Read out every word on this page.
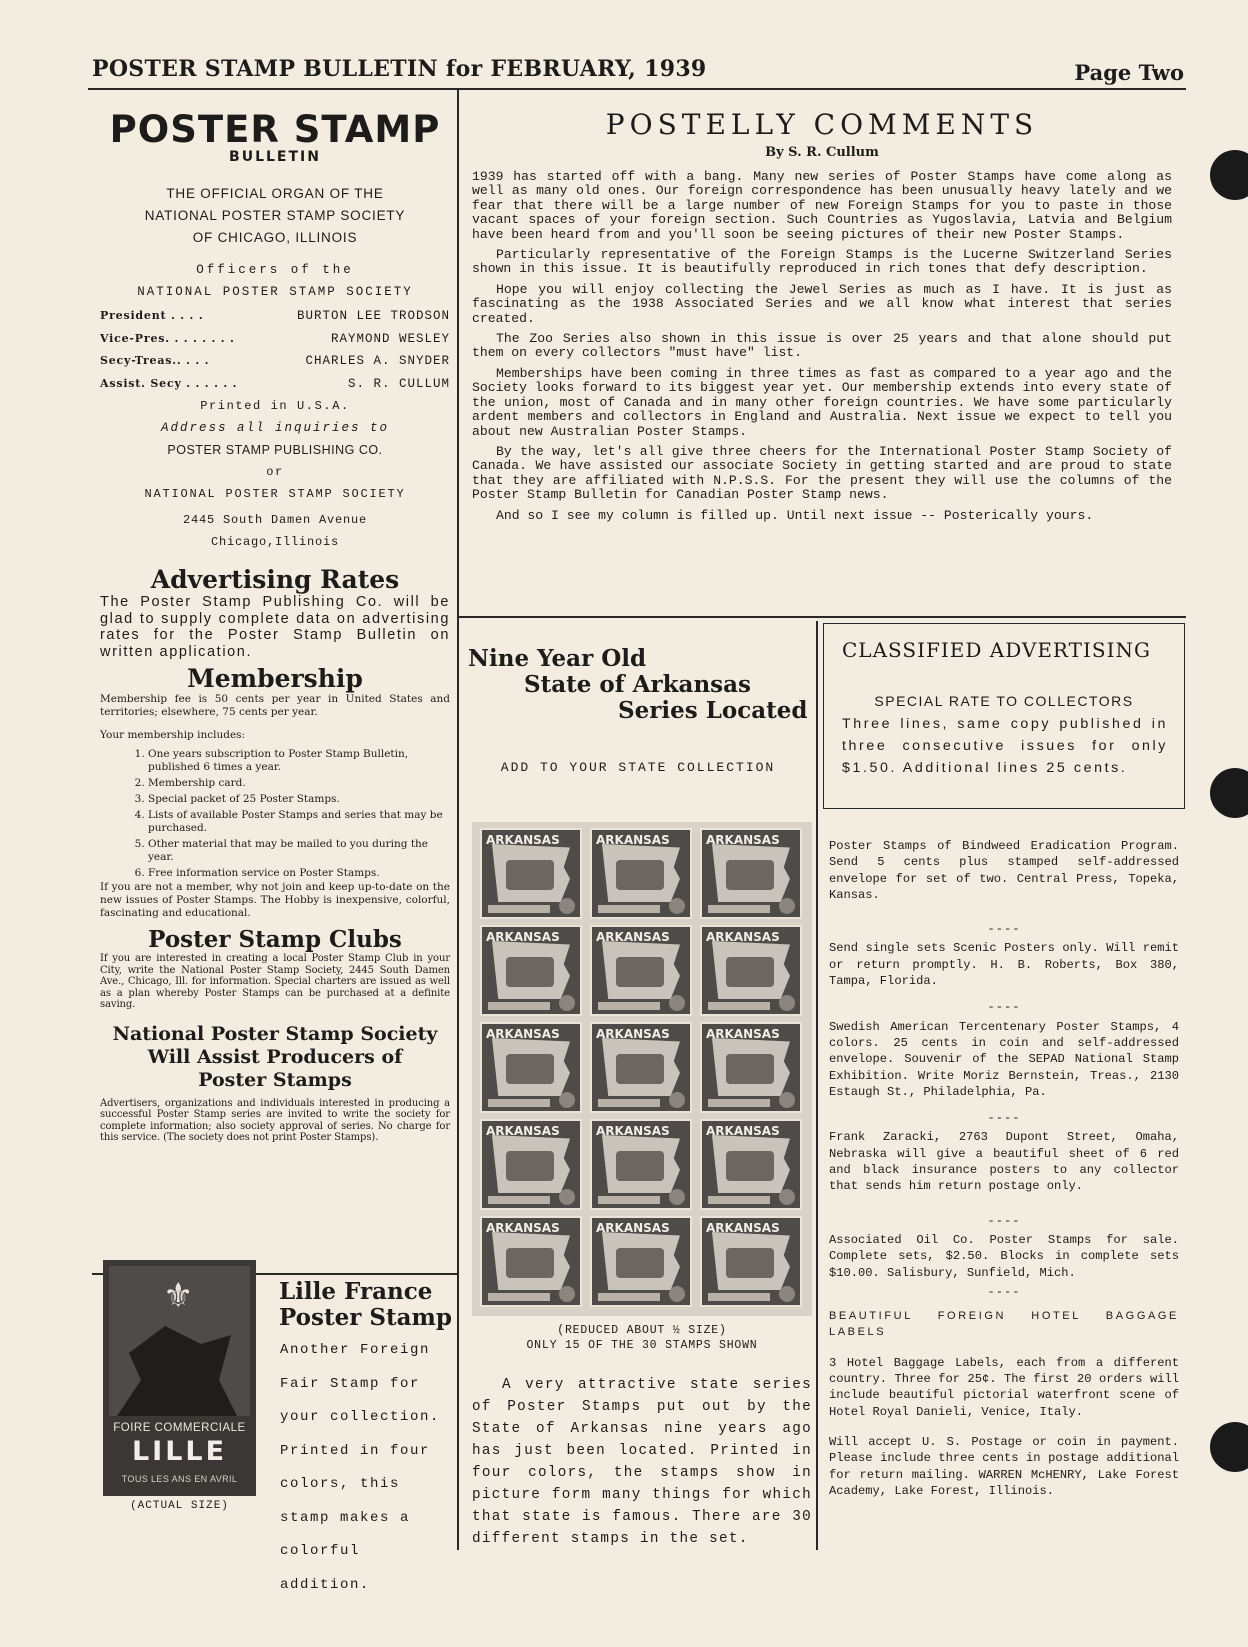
POSTER STAMP BULLETIN for FEBRUARY, 1939	Page Two
POSTER STAMP
BULLETIN
THE OFFICIAL ORGAN OF THE
NATIONAL POSTER STAMP SOCIETY
OF CHICAGO, ILLINOIS
Officers of the
NATIONAL POSTER STAMP SOCIETY
President . . . .	BURTON LEE TRODSON
Vice-Pres. . . . . . . .	RAYMOND WESLEY
Secy-Treas.. . . .	CHARLES A. SNYDER
Assist. Secy . . . . . .	S. R. CULLUM
Printed in U.S.A.
Address all inquiries to
POSTER STAMP PUBLISHING CO.
or
NATIONAL POSTER STAMP SOCIETY
2445 South Damen Avenue
Chicago,Illinois
Advertising Rates

The Poster Stamp Publishing Co. will be glad to supply complete data on advertising rates for the Poster Stamp Bulletin on written application.

Membership

Membership fee is 50 cents per year in United States and territories; elsewhere, 75 cents per year.

Your membership includes:

1. One years subscription to Poster Stamp Bulletin, published 6 times a year.
2. Membership card.
3. Special packet of 25 Poster Stamps.
4. Lists of available Poster Stamps and series that may be purchased.
5. Other material that may be mailed to you during the year.
6. Free information service on Poster Stamps.

If you are not a member, why not join and keep up-to-date on the new issues of Poster Stamps. The Hobby is inexpensive, colorful, fascinating and educational.

Poster Stamp Clubs

If you are interested in creating a local Poster Stamp Club in your City, write the National Poster Stamp Society, 2445 South Damen Ave., Chicago, Ill. for information. Special charters are issued as well as a plan whereby Poster Stamps can be purchased at a definite saving.

National Poster Stamp Society
Will Assist Producers of
Poster Stamps

Advertisers, organizations and individuals interested in producing a successful Poster Stamp series are invited to write the society for complete information; also society approval of series. No charge for this service. (The society does not print Poster Stamps).

POSTELLY COMMENTS
By S. R. Cullum

1939 has started off with a bang. Many new series of Poster Stamps have come along as well as many old ones. Our foreign correspondence has been unusually heavy lately and we fear that there will be a large number of new Foreign Stamps for you to paste in those vacant spaces of your foreign section. Such Countries as Yugoslavia, Latvia and Belgium have been heard from and you'll soon be seeing pictures of their new Poster Stamps.

Particularly representative of the Foreign Stamps is the Lucerne Switzerland Series shown in this issue. It is beautifully reproduced in rich tones that defy description.

Hope you will enjoy collecting the Jewel Series as much as I have. It is just as fascinating as the 1938 Associated Series and we all know what interest that series created.

The Zoo Series also shown in this issue is over 25 years and that alone should put them on every collectors "must have" list.

Memberships have been coming in three times as fast as compared to a year ago and the Society looks forward to its biggest year yet. Our membership extends into every state of the union, most of Canada and in many other foreign countries. We have some particularly ardent members and collectors in England and Australia. Next issue we expect to tell you about new Australian Poster Stamps.

By the way, let's all give three cheers for the International Poster Stamp Society of Canada. We have assisted our associate Society in getting started and are proud to state that they are affiliated with N.P.S.S. For the present they will use the columns of the Poster Stamp Bulletin for Canadian Poster Stamp news.

And so I see my column is filled up. Until next issue -- Posterically yours.

Nine Year Old
State of Arkansas
Series Located
ADD TO YOUR STATE COLLECTION
ARKANSAS	ARKANSAS	ARKANSAS
ARKANSAS	ARKANSAS	ARKANSAS
ARKANSAS	ARKANSAS	ARKANSAS
ARKANSAS	ARKANSAS	ARKANSAS
ARKANSAS	ARKANSAS	ARKANSAS
(REDUCED ABOUT ½ SIZE)
ONLY 15 OF THE 30 STAMPS SHOWN

A very attractive state series of Poster Stamps put out by the State of Arkansas nine years ago has just been located. Printed in four colors, the stamps show in picture form many things for which that state is famous. There are 30 different stamps in the set.

CLASSIFIED ADVERTISING
SPECIAL RATE TO COLLECTORS
Three lines, same copy published in three consecutive issues for only $1.50. Additional lines 25 cents.

Poster Stamps of Bindweed Eradication Program. Send 5 cents plus stamped self-addressed envelope for set of two. Central Press, Topeka, Kansas.

----

Send single sets Scenic Posters only. Will remit or return promptly. H. B. Roberts, Box 380, Tampa, Florida.

----

Swedish American Tercentenary Poster Stamps, 4 colors. 25 cents in coin and self-addressed envelope. Souvenir of the SEPAD National Stamp Exhibition. Write Moriz Bernstein, Treas., 2130 Estaugh St., Philadelphia, Pa.

----

Frank Zaracki, 2763 Dupont Street, Omaha, Nebraska will give a beautiful sheet of 6 red and black insurance posters to any collector that sends him return postage only.

----

Associated Oil Co. Poster Stamps for sale. Complete sets, $2.50. Blocks in complete sets $10.00. Salisbury, Sunfield, Mich.

----

BEAUTIFUL FOREIGN HOTEL BAGGAGE LABELS

3 Hotel Baggage Labels, each from a different country. Three for 25¢. The first 20 orders will include beautiful pictorial waterfront scene of Hotel Royal Danieli, Venice, Italy.

Will accept U. S. Postage or coin in payment. Please include three cents in postage additional for return mailing. WARREN McHENRY, Lake Forest Academy, Lake Forest, Illinois.

⚜
FOIRE COMMERCIALE
LILLE
TOUS LES ANS EN AVRIL
(ACTUAL SIZE)
Lille France
Poster Stamp

Another Foreign Fair Stamp for your collection. Printed in four colors, this stamp makes a colorful addition.
